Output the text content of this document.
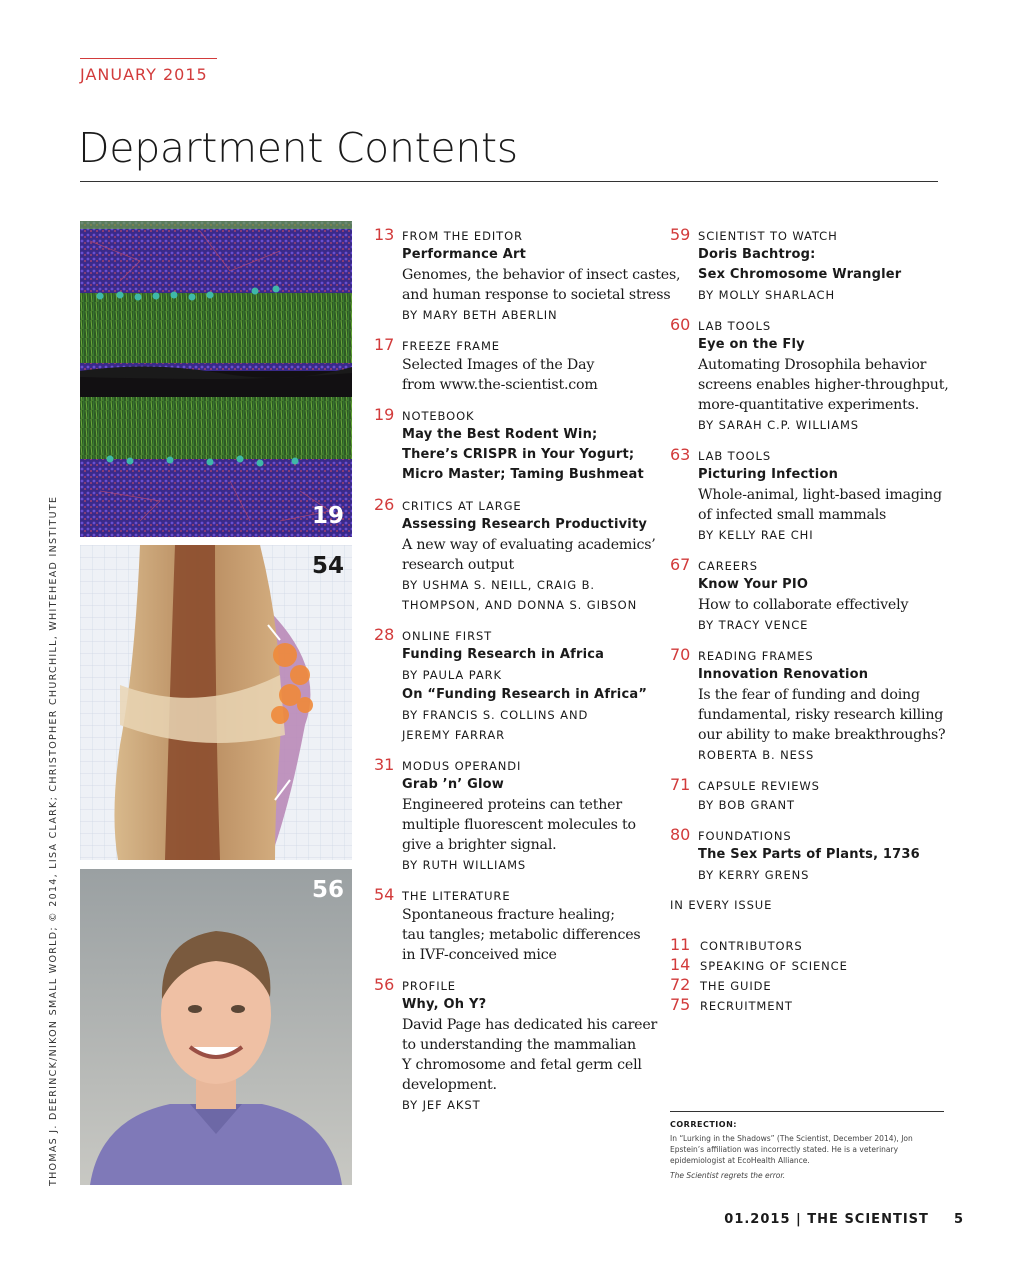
JANUARY 2015
Department Contents
THOMAS J. DEERINCK/NIKON SMALL WORLD; © 2014, LISA CLARK; CHRISTOPHER CHURCHILL, WHITEHEAD INSTITUTE	19
54
56
13 FROM THE EDITOR
Performance Art
Genomes, the behavior of insect castes,
and human response to societal stress
BY MARY BETH ABERLIN
17 FREEZE FRAME
Selected Images of the Day
from www.the-scientist.com
19 NOTEBOOK
May the Best Rodent Win;
There’s CRISPR in Your Yogurt;
Micro Master; Taming Bushmeat
26 CRITICS AT LARGE
Assessing Research Productivity
A new way of evaluating academics’
research output
BY USHMA S. NEILL, CRAIG B.
THOMPSON, AND DONNA S. GIBSON
28 ONLINE FIRST
Funding Research in Africa
BY PAULA PARK
On “Funding Research in Africa”
BY FRANCIS S. COLLINS AND
JEREMY FARRAR
31 MODUS OPERANDI
Grab ’n’ Glow
Engineered proteins can tether
multiple fluorescent molecules to
give a brighter signal.
BY RUTH WILLIAMS
54 THE LITERATURE
Spontaneous fracture healing;
tau tangles; metabolic differences
in IVF-conceived mice
56 PROFILE
Why, Oh Y?
David Page has dedicated his career
to understanding the mammalian
Y chromosome and fetal germ cell
development.
BY JEF AKST
59 SCIENTIST TO WATCH
Doris Bachtrog:
Sex Chromosome Wrangler
BY MOLLY SHARLACH
60 LAB TOOLS
Eye on the Fly
Automating Drosophila behavior
screens enables higher-throughput,
more-quantitative experiments.
BY SARAH C.P. WILLIAMS
63 LAB TOOLS
Picturing Infection
Whole-animal, light-based imaging
of infected small mammals
BY KELLY RAE CHI
67 CAREERS
Know Your PIO
How to collaborate effectively
BY TRACY VENCE
70 READING FRAMES
Innovation Renovation
Is the fear of funding and doing
fundamental, risky research killing
our ability to make breakthroughs?
ROBERTA B. NESS
71 CAPSULE REVIEWS
BY BOB GRANT
80 FOUNDATIONS
The Sex Parts of Plants, 1736
BY KERRY GRENS
IN EVERY ISSUE
11 CONTRIBUTORS
14 SPEAKING OF SCIENCE
72 THE GUIDE
75 RECRUITMENT
CORRECTION:

In “Lurking in the Shadows” (The Scientist, December 2014), Jon Epstein’s affiliation was incorrectly stated. He is a veterinary epidemiologist at EcoHealth Alliance.

The Scientist regrets the error.

01.2015 | THE SCIENTIST 5
